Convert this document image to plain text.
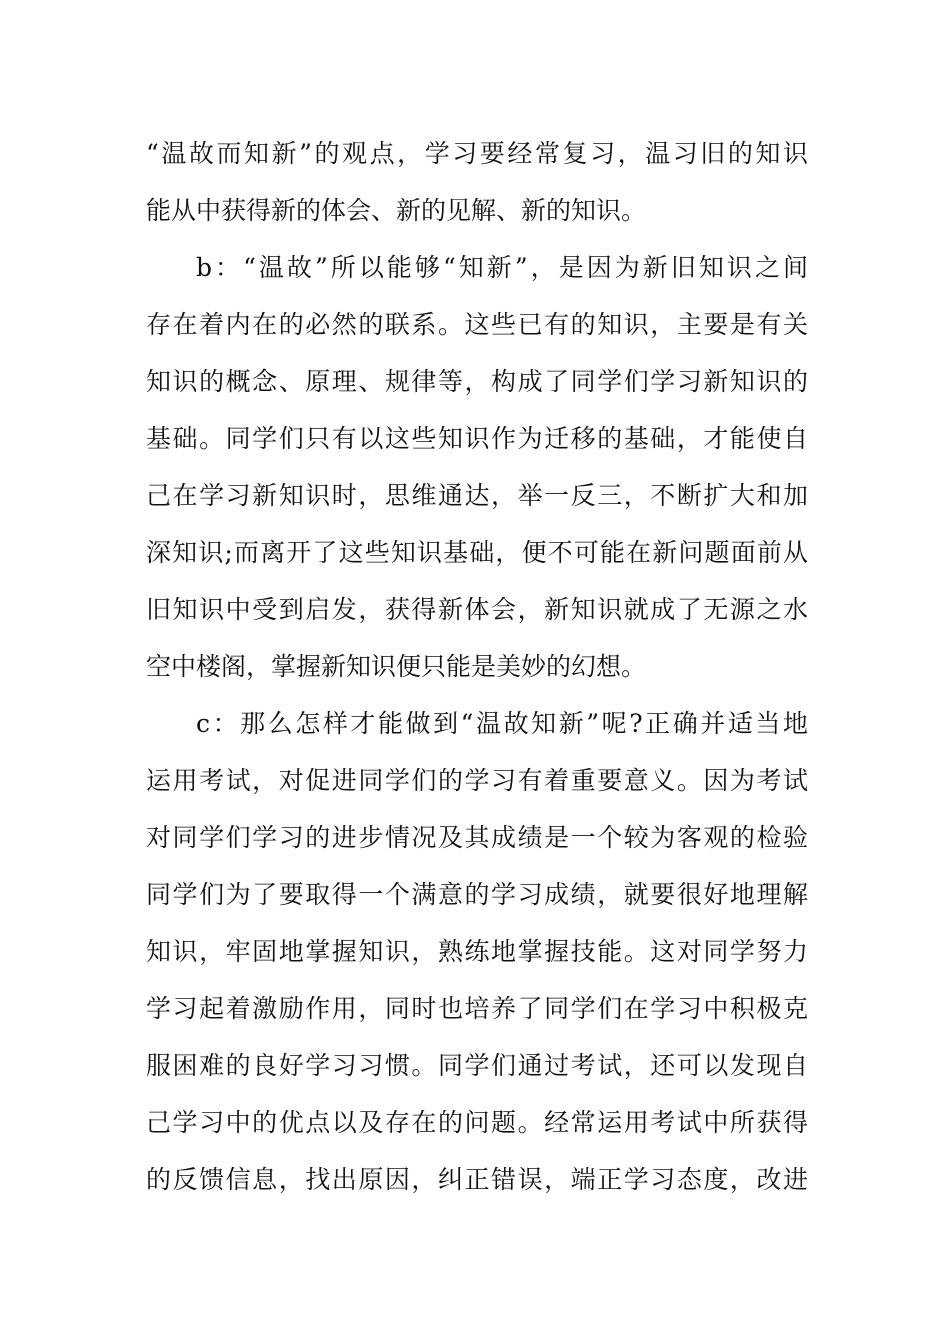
“温故而知新”的观点，学习要经常复习，温习旧的知识
能从中获得新的体会、新的见解、新的知识。
b：“温故”所以能够“知新”，是因为新旧知识之间
存在着内在的必然的联系。这些已有的知识，主要是有关
知识的概念、原理、规律等，构成了同学们学习新知识的
基础。同学们只有以这些知识作为迁移的基础，才能使自
己在学习新知识时，思维通达，举一反三，不断扩大和加
深知识;而离开了这些知识基础，便不可能在新问题面前从
旧知识中受到启发，获得新体会，新知识就成了无源之水
空中楼阁，掌握新知识便只能是美妙的幻想。
c：那么怎样才能做到“温故知新”呢?正确并适当地
运用考试，对促进同学们的学习有着重要意义。因为考试
对同学们学习的进步情况及其成绩是一个较为客观的检验
同学们为了要取得一个满意的学习成绩，就要很好地理解
知识，牢固地掌握知识，熟练地掌握技能。这对同学努力
学习起着激励作用，同时也培养了同学们在学习中积极克
服困难的良好学习习惯。同学们通过考试，还可以发现自
己学习中的优点以及存在的问题。经常运用考试中所获得
的反馈信息，找出原因，纠正错误，端正学习态度，改进
